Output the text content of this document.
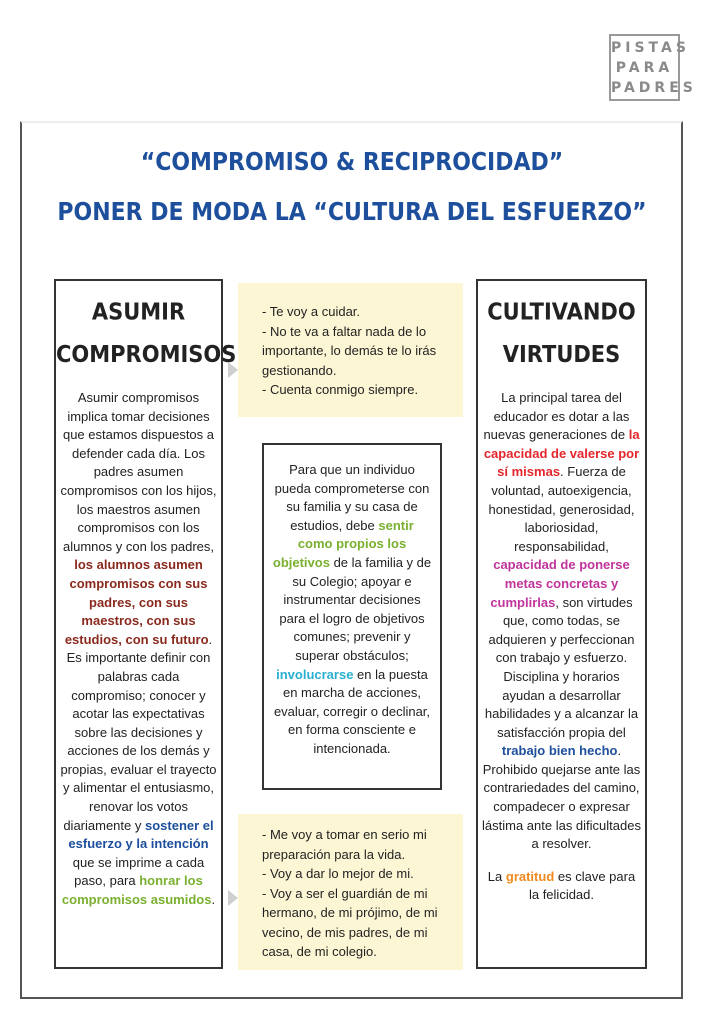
PISTAS
PARA
PADRES
“COMPROMISO & RECIPROCIDAD”
PONER DE MODA LA “CULTURA DEL ESFUERZO”
ASUMIR
COMPROMISOS
Asumir compromisos implica tomar decisiones que estamos dispuestos a defender cada día. Los padres asumen compromisos con los hijos, los maestros asumen compromisos con los alumnos y con los padres, los alumnos asumen compromisos con sus padres, con sus maestros, con sus estudios, con su futuro. Es importante definir con palabras cada compromiso; conocer y acotar las expectativas sobre las decisiones y acciones de los demás y propias, evaluar el trayecto y alimentar el entusiasmo, renovar los votos diariamente y sostener el esfuerzo y la intención que se imprime a cada paso, para honrar los compromisos asumidos.
- Te voy a cuidar.
- No te va a faltar nada de lo importante, lo demás te lo irás gestionando.
- Cuenta conmigo siempre.
Para que un individuo pueda comprometerse con su familia y su casa de estudios, debe sentir como propios los objetivos de la familia y de su Colegio; apoyar e instrumentar decisiones para el logro de objetivos comunes; prevenir y superar obstáculos; involucrarse en la puesta en marcha de acciones, evaluar, corregir o declinar, en forma consciente e intencionada.
- Me voy a tomar en serio mi preparación para la vida.
- Voy a dar lo mejor de mi.
- Voy a ser el guardián de mi hermano, de mi prójimo, de mi vecino, de mis padres, de mi casa, de mi colegio.
CULTIVANDO
VIRTUDES
La principal tarea del educador es dotar a las nuevas generaciones de la capacidad de valerse por sí mismas. Fuerza de voluntad, autoexigencia, honestidad, generosidad, laboriosidad, responsabilidad, capacidad de ponerse metas concretas y cumplirlas, son virtudes que, como todas, se adquieren y perfeccionan con trabajo y esfuerzo. Disciplina y horarios ayudan a desarrollar habilidades y a alcanzar la satisfacción propia del trabajo bien hecho. Prohibido quejarse ante las contrariedades del camino, compadecer o expresar lástima ante las dificultades a resolver.
La gratitud es clave para la felicidad.
